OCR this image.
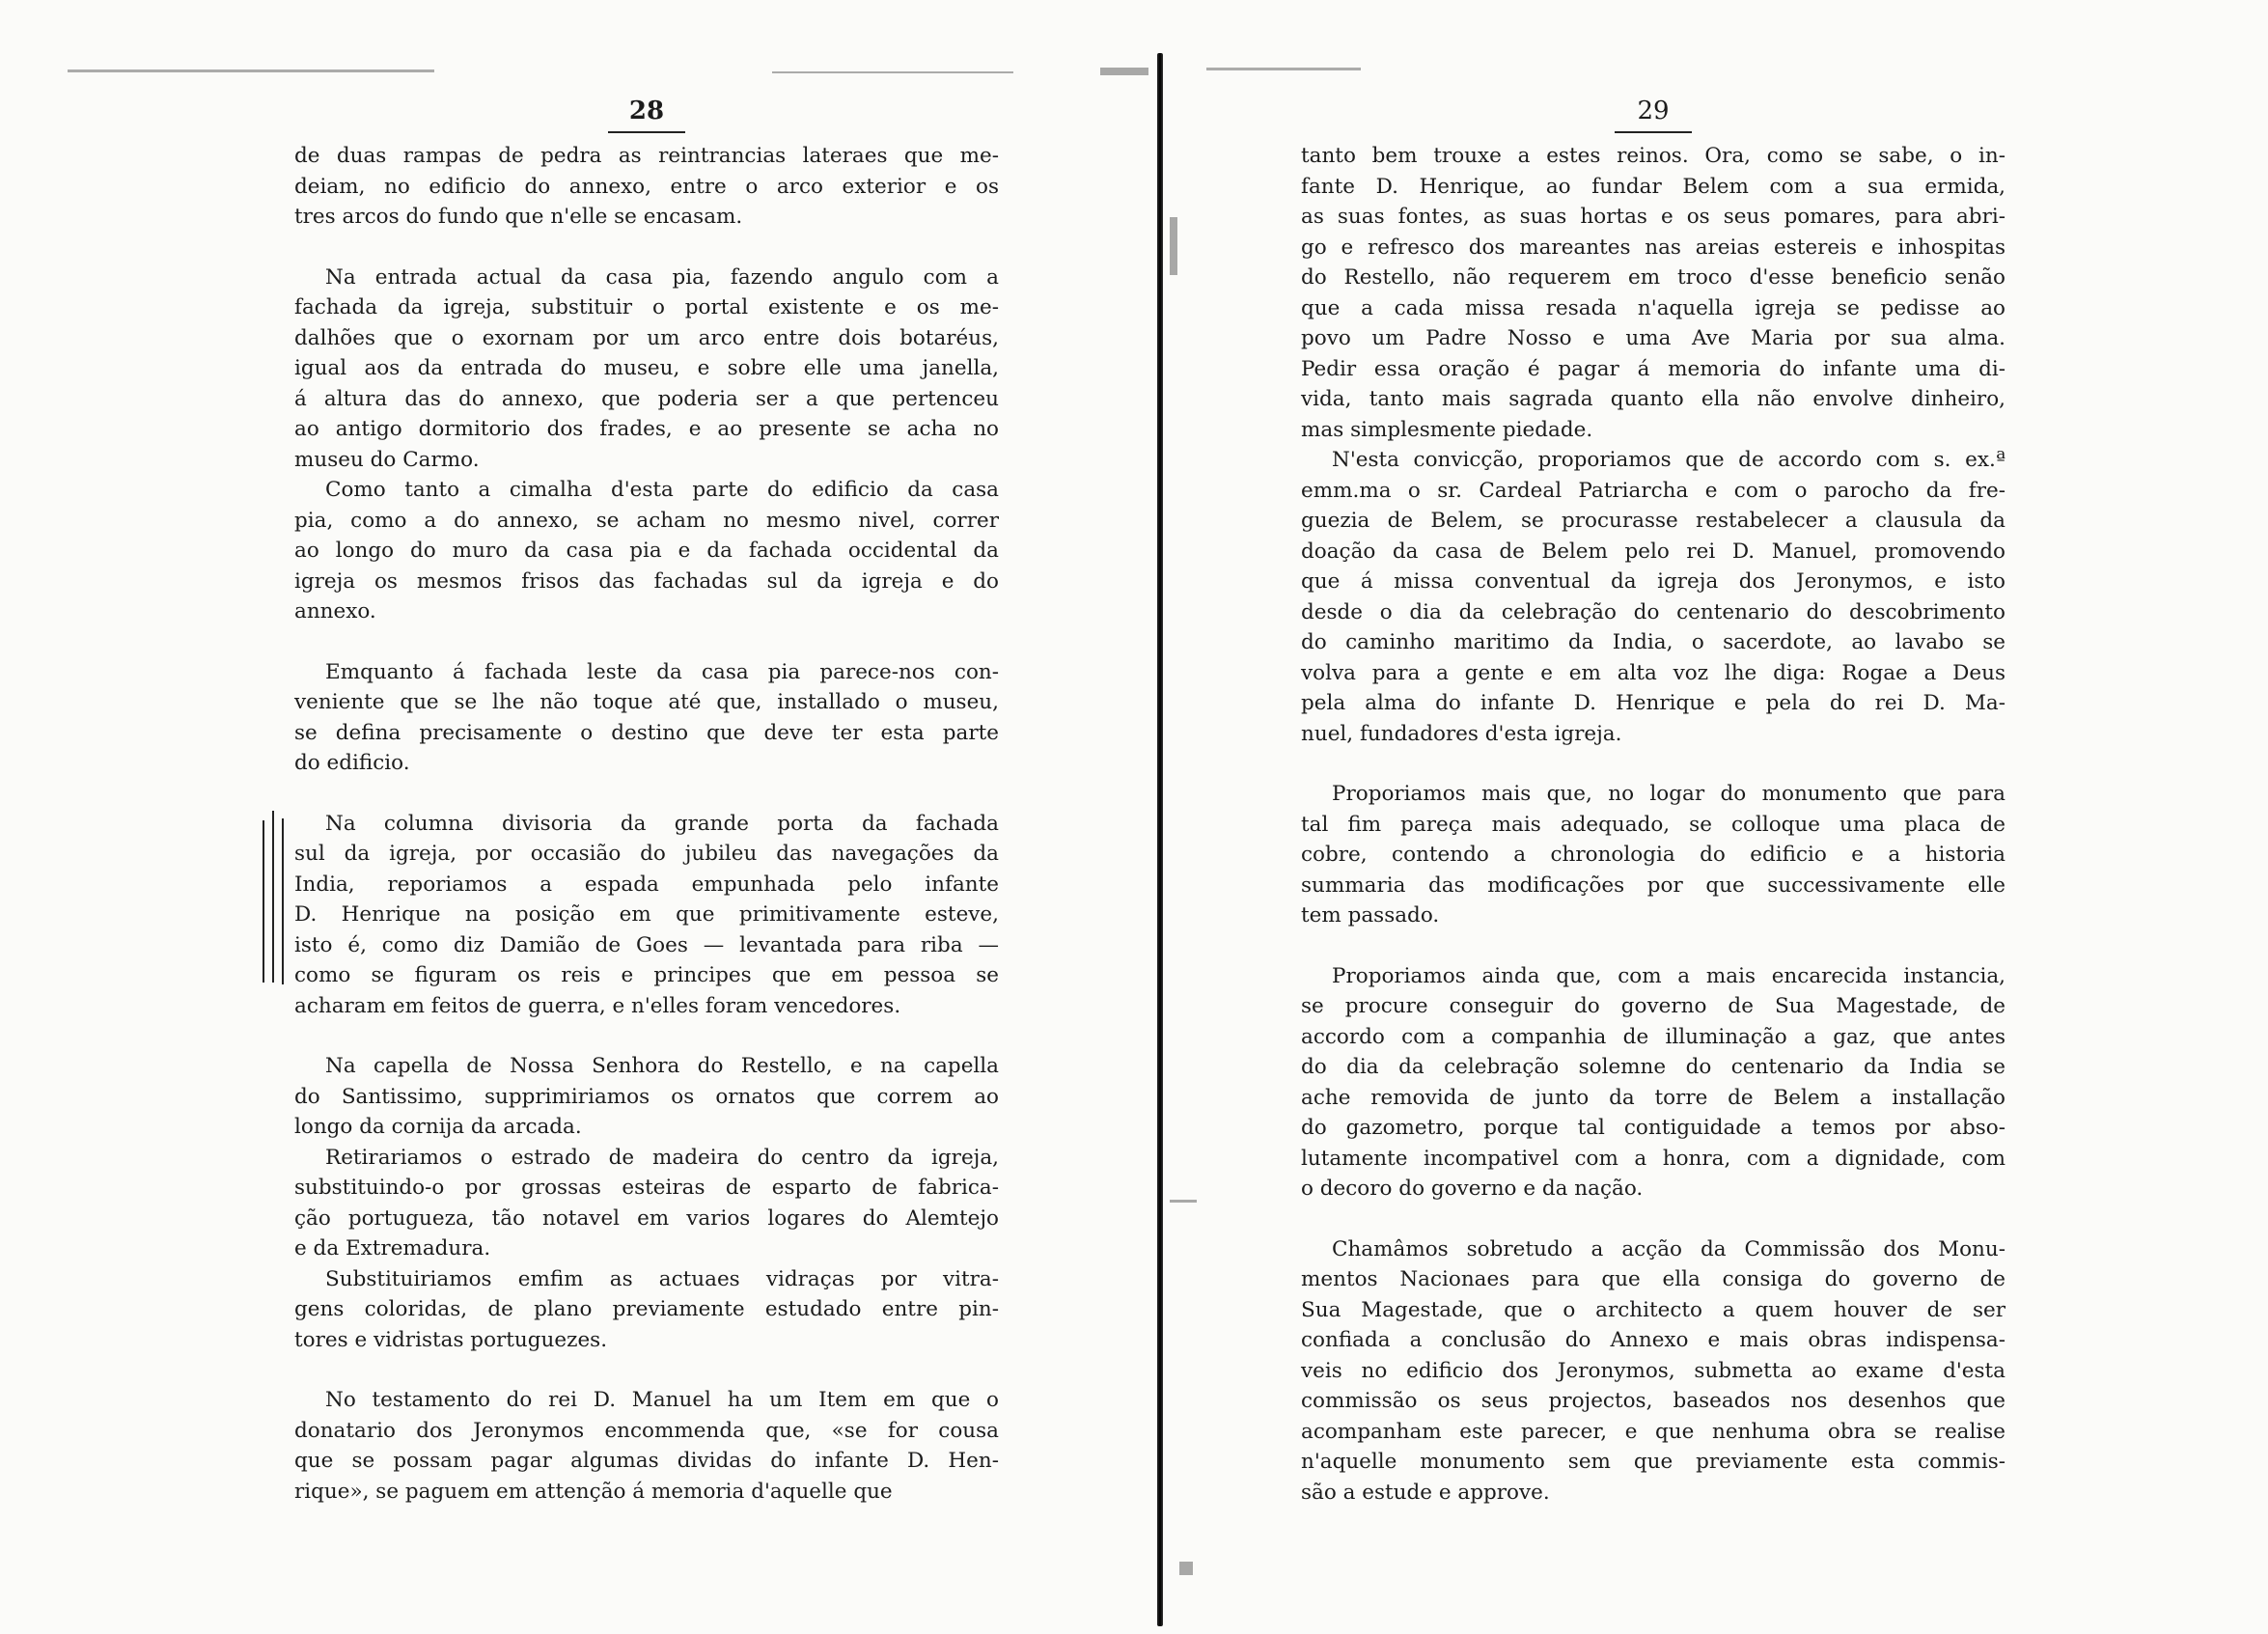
28
de duas rampas de pedra as reintrancias lateraes que me-
deiam, no edificio do annexo, entre o arco exterior e os
tres arcos do fundo que n'elle se encasam.
Na entrada actual da casa pia, fazendo angulo com a
fachada da igreja, substituir o portal existente e os me-
dalhões que o exornam por um arco entre dois botaréus,
igual aos da entrada do museu, e sobre elle uma janella,
á altura das do annexo, que poderia ser a que pertenceu
ao antigo dormitorio dos frades, e ao presente se acha no
museu do Carmo.
Como tanto a cimalha d'esta parte do edificio da casa
pia, como a do annexo, se acham no mesmo nivel, correr
ao longo do muro da casa pia e da fachada occidental da
igreja os mesmos frisos das fachadas sul da igreja e do
annexo.
Emquanto á fachada leste da casa pia parece-nos con-
veniente que se lhe não toque até que, installado o museu,
se defina precisamente o destino que deve ter esta parte
do edificio.
Na columna divisoria da grande porta da fachada
sul da igreja, por occasião do jubileu das navegações da
India, reporiamos a espada empunhada pelo infante
D. Henrique na posição em que primitivamente esteve,
isto é, como diz Damião de Goes — levantada para riba —
como se figuram os reis e principes que em pessoa se
acharam em feitos de guerra, e n'elles foram vencedores.
Na capella de Nossa Senhora do Restello, e na capella
do Santissimo, supprimiriamos os ornatos que correm ao
longo da cornija da arcada.
Retirariamos o estrado de madeira do centro da igreja,
substituindo-o por grossas esteiras de esparto de fabrica-
ção portugueza, tão notavel em varios logares do Alemtejo
e da Extremadura.
Substituiriamos emfim as actuaes vidraças por vitra-
gens coloridas, de plano previamente estudado entre pin-
tores e vidristas portuguezes.
No testamento do rei D. Manuel ha um Item em que o
donatario dos Jeronymos encommenda que, «se for cousa
que se possam pagar algumas dividas do infante D. Hen-
rique», se paguem em attenção á memoria d'aquelle que
29
tanto bem trouxe a estes reinos. Ora, como se sabe, o in-
fante D. Henrique, ao fundar Belem com a sua ermida,
as suas fontes, as suas hortas e os seus pomares, para abri-
go e refresco dos mareantes nas areias estereis e inhospitas
do Restello, não requerem em troco d'esse beneficio senão
que a cada missa resada n'aquella igreja se pedisse ao
povo um Padre Nosso e uma Ave Maria por sua alma.
Pedir essa oração é pagar á memoria do infante uma di-
vida, tanto mais sagrada quanto ella não envolve dinheiro,
mas simplesmente piedade.
N'esta convicção, proporiamos que de accordo com s. ex.ª
emm.ma o sr. Cardeal Patriarcha e com o parocho da fre-
guezia de Belem, se procurasse restabelecer a clausula da
doação da casa de Belem pelo rei D. Manuel, promovendo
que á missa conventual da igreja dos Jeronymos, e isto
desde o dia da celebração do centenario do descobrimento
do caminho maritimo da India, o sacerdote, ao lavabo se
volva para a gente e em alta voz lhe diga: Rogae a Deus
pela alma do infante D. Henrique e pela do rei D. Ma-
nuel, fundadores d'esta igreja.
Proporiamos mais que, no logar do monumento que para
tal fim pareça mais adequado, se colloque uma placa de
cobre, contendo a chronologia do edificio e a historia
summaria das modificações por que successivamente elle
tem passado.
Proporiamos ainda que, com a mais encarecida instancia,
se procure conseguir do governo de Sua Magestade, de
accordo com a companhia de illuminação a gaz, que antes
do dia da celebração solemne do centenario da India se
ache removida de junto da torre de Belem a installação
do gazometro, porque tal contiguidade a temos por abso-
lutamente incompativel com a honra, com a dignidade, com
o decoro do governo e da nação.
Chamâmos sobretudo a acção da Commissão dos Monu-
mentos Nacionaes para que ella consiga do governo de
Sua Magestade, que o architecto a quem houver de ser
confiada a conclusão do Annexo e mais obras indispensa-
veis no edificio dos Jeronymos, submetta ao exame d'esta
commissão os seus projectos, baseados nos desenhos que
acompanham este parecer, e que nenhuma obra se realise
n'aquelle monumento sem que previamente esta commis-
são a estude e approve.
